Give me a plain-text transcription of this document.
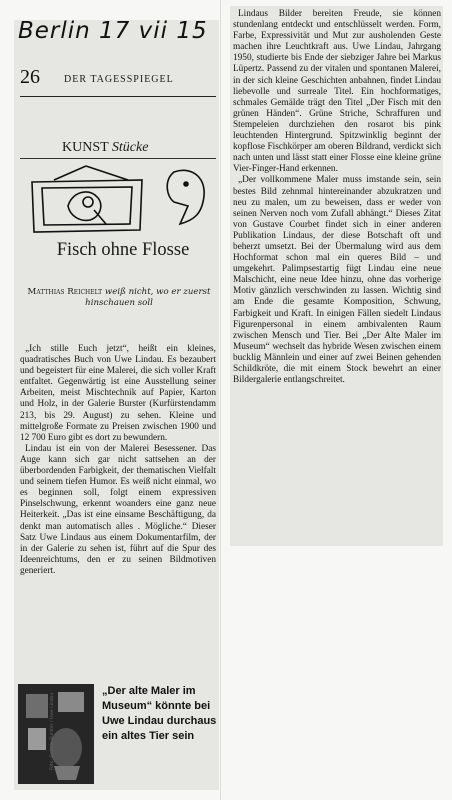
Berlin 17 vii 15
26 DER TAGESSPIEGEL
KUNST Stücke
Fisch ohne Flosse
Matthias Reichelt weiß nicht, wo er zuerst hinschauen soll

„Ich stille Euch jetzt“, heißt ein kleines, quadratisches Buch von Uwe Lindau. Es bezaubert und begeistert für eine Malerei, die sich voller Kraft entfaltet. Gegenwärtig ist eine Ausstellung seiner Arbeiten, meist Mischtechnik auf Papier, Karton und Holz, in der Galerie Burster (Kurfürstendamm 213, bis 29. August) zu sehen. Kleine und mittelgroße Formate zu Preisen zwischen 1900 und 12 700 Euro gibt es dort zu bewundern.

Lindau ist ein von der Malerei Besessener. Das Auge kann sich gar nicht sattsehen an der überbordenden Farbigkeit, der thematischen Vielfalt und seinem tiefen Humor. Es weiß nicht einmal, wo es beginnen soll, folgt einem expressiven Pinselschwung, erkennt woanders eine ganz neue Heiterkeit. „Das ist eine einsame Beschäftigung, da denkt man automatisch alles . Mögliche.“ Dieser Satz Uwe Lindaus aus einem Dokumentarfilm, der in der Galerie zu sehen ist, führt auf die Spur des Ideenreichtums, den er zu seinen Bildmotiven generiert.

Lindaus Bilder bereiten Freude, sie können stundenlang entdeckt und entschlüsselt werden. Form, Farbe, Expressivität und Mut zur ausholenden Geste machen ihre Leuchtkraft aus. Uwe Lindau, Jahrgang 1950, studierte bis Ende der siebziger Jahre bei Markus Lüpertz. Passend zu der vitalen und spontanen Malerei, in der sich kleine Geschichten anbahnen, findet Lindau liebevolle und surreale Titel. Ein hochformatiges, schmales Gemälde trägt den Titel „Der Fisch mit den grünen Händen“. Grüne Striche, Schraffuren und Stempeleien durchziehen den rosarot bis pink leuchtenden Hintergrund. Spitzwinklig beginnt der kopflose Fischkörper am oberen Bildrand, verdickt sich nach unten und lässt statt einer Flosse eine kleine grüne Vier-Finger-Hand erkennen.

„Der vollkommene Maler muss imstande sein, sein bestes Bild zehnmal hintereinander abzukratzen und neu zu malen, um zu beweisen, dass er weder von seinen Nerven noch vom Zufall abhängt.“ Dieses Zitat von Gustave Courbet findet sich in einer anderen Publikation Lindaus, der diese Botschaft oft und beherzt umsetzt. Bei der Übermalung wird aus dem Hochformat schon mal ein queres Bild – und umgekehrt. Palimpsestartig fügt Lindau eine neue Malschicht, eine neue Idee hinzu, ohne das vorherige Motiv gänzlich verschwinden zu lassen. Wichtig sind am Ende die gesamte Komposition, Schwung, Farbigkeit und Kraft. In einigen Fällen siedelt Lindaus Figurenpersonal in einem ambivalenten Raum zwischen Mensch und Tier. Bei „Der Alte Maler im Museum“ wechselt das hybride Wesen zwischen einem bucklig Männlein und einer auf zwei Beinen gehenden Schildkröte, die mit einem Stock bewehrt an einer Bildergalerie entlangschreitet.

Foto: Galerie Burster / Uwe Lindau
„Der alte Maler im Museum“ könnte bei Uwe Lindau durchaus ein altes Tier sein
